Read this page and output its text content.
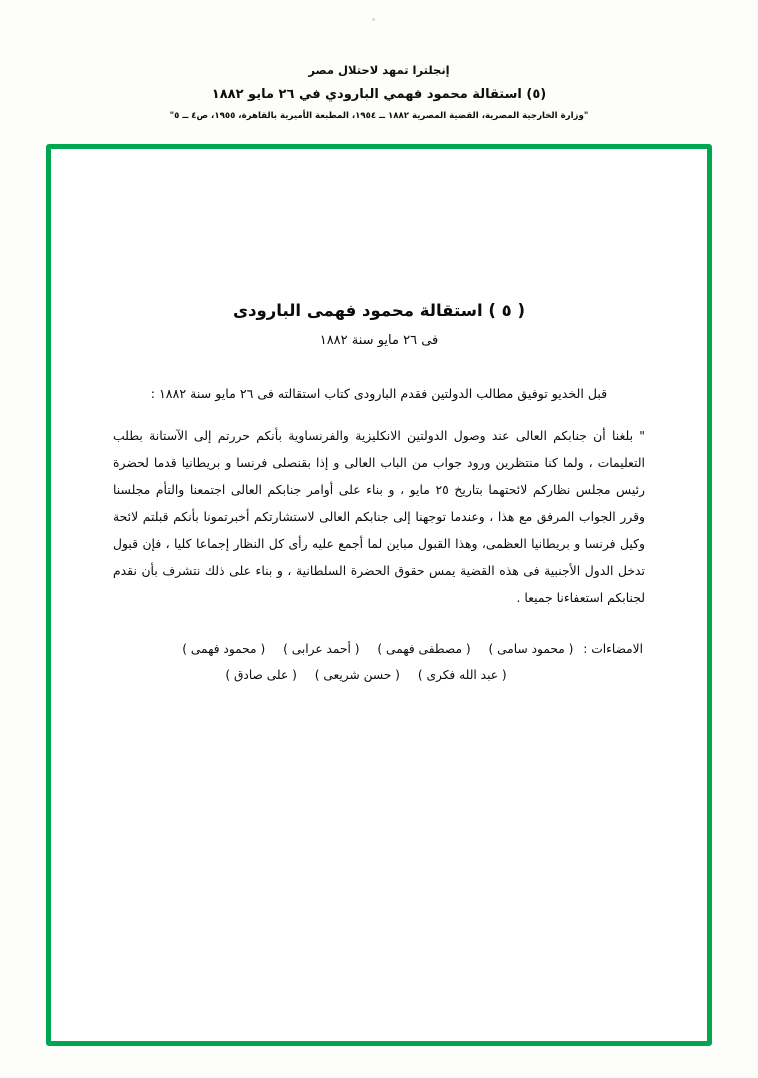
إنجلترا تمهد لاحتلال مصر
(٥) استقالة محمود فهمي البارودي في ٢٦ مايو ١٨٨٢
"وزارة الخارجية المصرية، القضية المصرية ١٨٨٢ ــ ١٩٥٤، المطبعة الأميرية بالقاهرة، ١٩٥٥، ص٤ ــ ٥"
( ٥ ) استقالة محمود فهمى البارودى
فى ٢٦ مايو سنة ١٨٨٢
قبل الخديو توفيق مطالب الدولتين فقدم البارودى كتاب استقالته فى ٢٦ مايو سنة ١٨٨٢ :
" بلغنا أن جنابكم العالى عند وصول الدولتين الانكليزية والفرنساوية بأنكم حررتم إلى الآستانة بطلب التعليمات ، ولما كنا منتظرين ورود جواب من الباب العالى و إذا بقنصلى فرنسا و بريطانيا قدما لحضرة رئيس مجلس نظاركم لائحتهما بتاريخ ٢٥ مايو ، و بناء على أوامر جنابكم العالى اجتمعنا والتأم مجلسنا وقرر الجواب المرفق مع هذا ، وعندما توجهنا إلى جنابكم العالى لاستشارتكم أخبرتمونا بأنكم قبلتم لائحة وكيل فرنسا و بريطانيا العظمى، وهذا القبول مباين لما أجمع عليه رأى كل النظار إجماعا كليا ، فإن قبول تدخل الدول الأجنبية فى هذه القضية يمس حقوق الحضرة السلطانية ، و بناء على ذلك نتشرف بأن نقدم لجنابكم استعفاءنا جميعا .
الامضاءات : ( محمود سامى ) ( مصطفى فهمى ) ( أحمد عرابى ) ( محمود فهمى )
( عبد الله فكرى ) ( حسن شريعى ) ( على صادق )
